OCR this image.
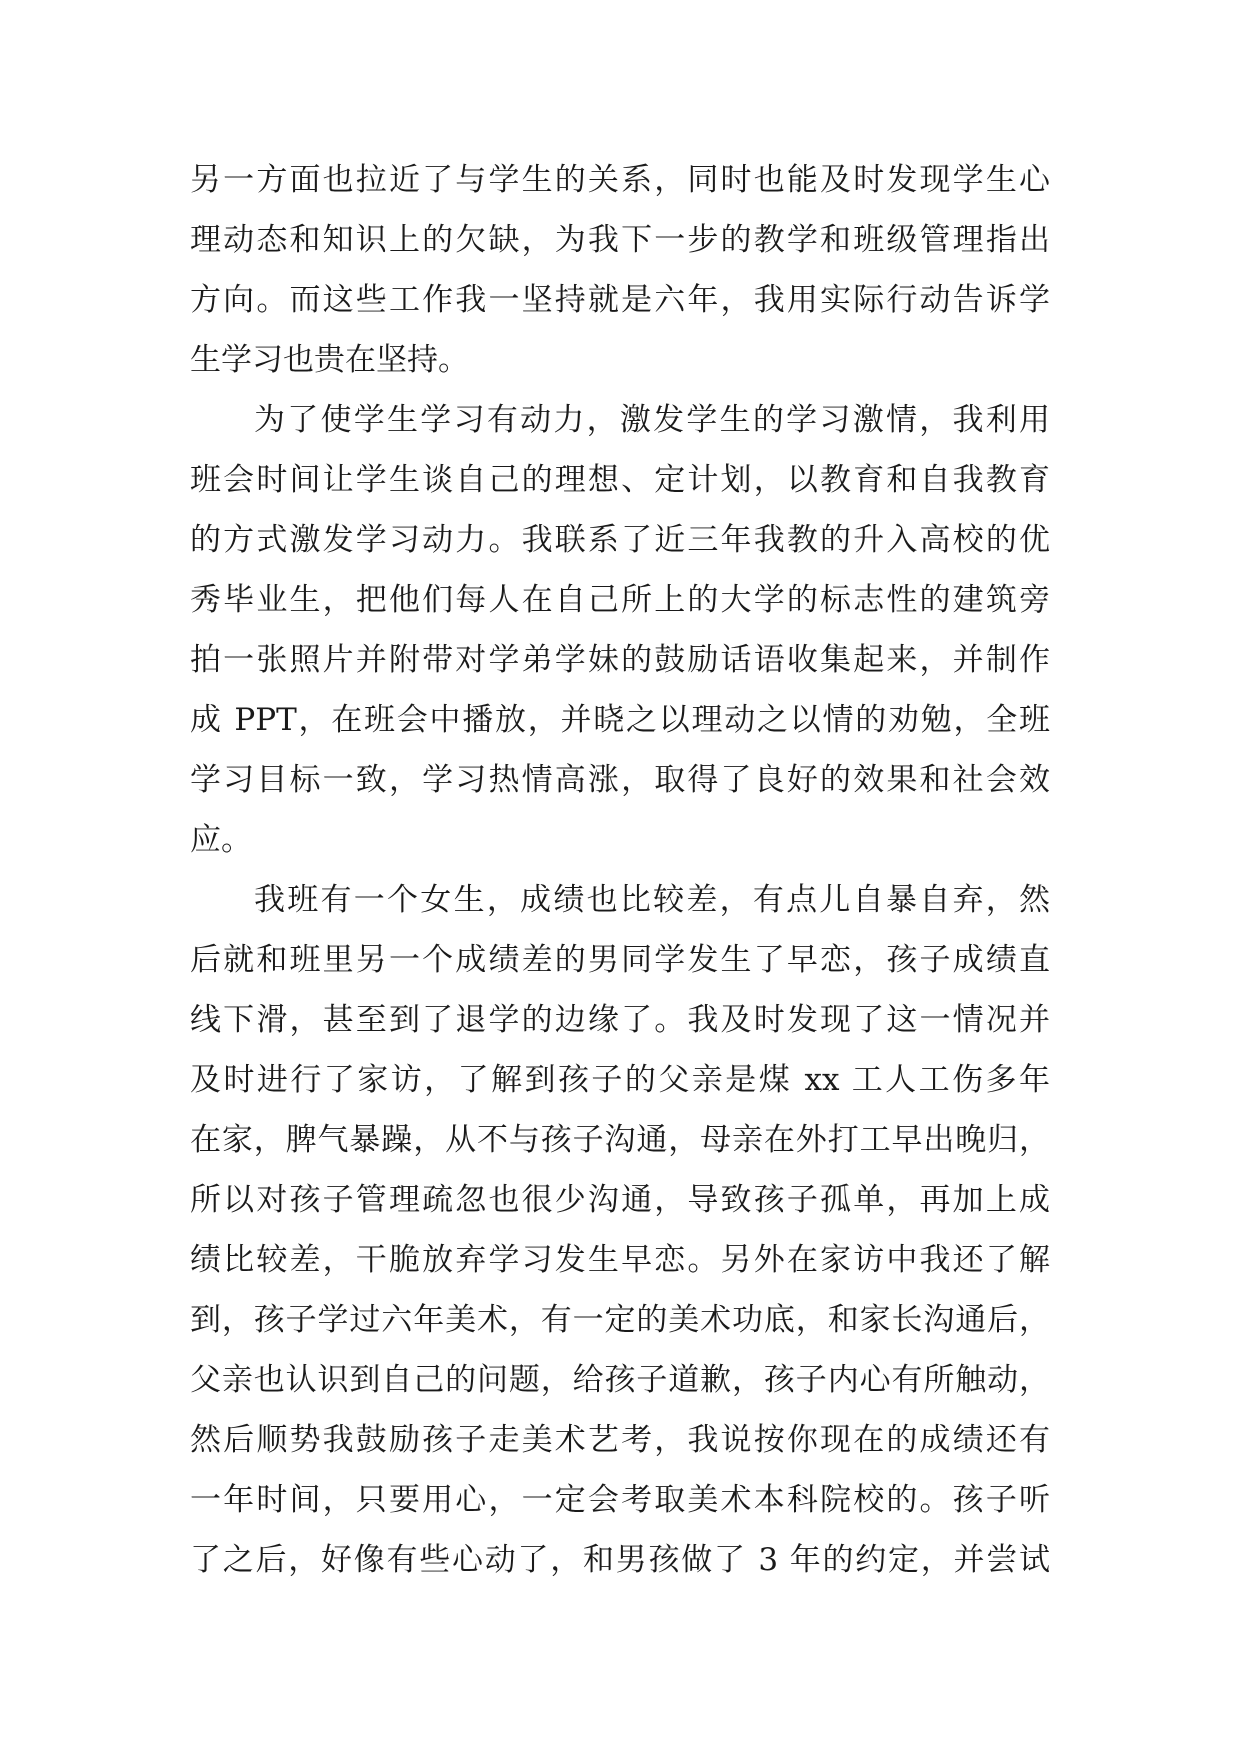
另一方面也拉近了与学生的关系，同时也能及时发现学生心
理动态和知识上的欠缺，为我下一步的教学和班级管理指出
方向。而这些工作我一坚持就是六年，我用实际行动告诉学
生学习也贵在坚持。
为了使学生学习有动力，激发学生的学习激情，我利用
班会时间让学生谈自己的理想、定计划，以教育和自我教育
的方式激发学习动力。我联系了近三年我教的升入高校的优
秀毕业生，把他们每人在自己所上的大学的标志性的建筑旁
拍一张照片并附带对学弟学妹的鼓励话语收集起来，并制作
成 PPT，在班会中播放，并晓之以理动之以情的劝勉，全班
学习目标一致，学习热情高涨，取得了良好的效果和社会效
应。
我班有一个女生，成绩也比较差，有点儿自暴自弃，然
后就和班里另一个成绩差的男同学发生了早恋，孩子成绩直
线下滑，甚至到了退学的边缘了。我及时发现了这一情况并
及时进行了家访，了解到孩子的父亲是煤 xx 工人工伤多年
在家，脾气暴躁，从不与孩子沟通，母亲在外打工早出晚归，
所以对孩子管理疏忽也很少沟通，导致孩子孤单，再加上成
绩比较差，干脆放弃学习发生早恋。另外在家访中我还了解
到，孩子学过六年美术，有一定的美术功底，和家长沟通后，
父亲也认识到自己的问题，给孩子道歉，孩子内心有所触动，
然后顺势我鼓励孩子走美术艺考，我说按你现在的成绩还有
一年时间，只要用心，一定会考取美术本科院校的。孩子听
了之后，好像有些心动了，和男孩做了 3 年的约定，并尝试
